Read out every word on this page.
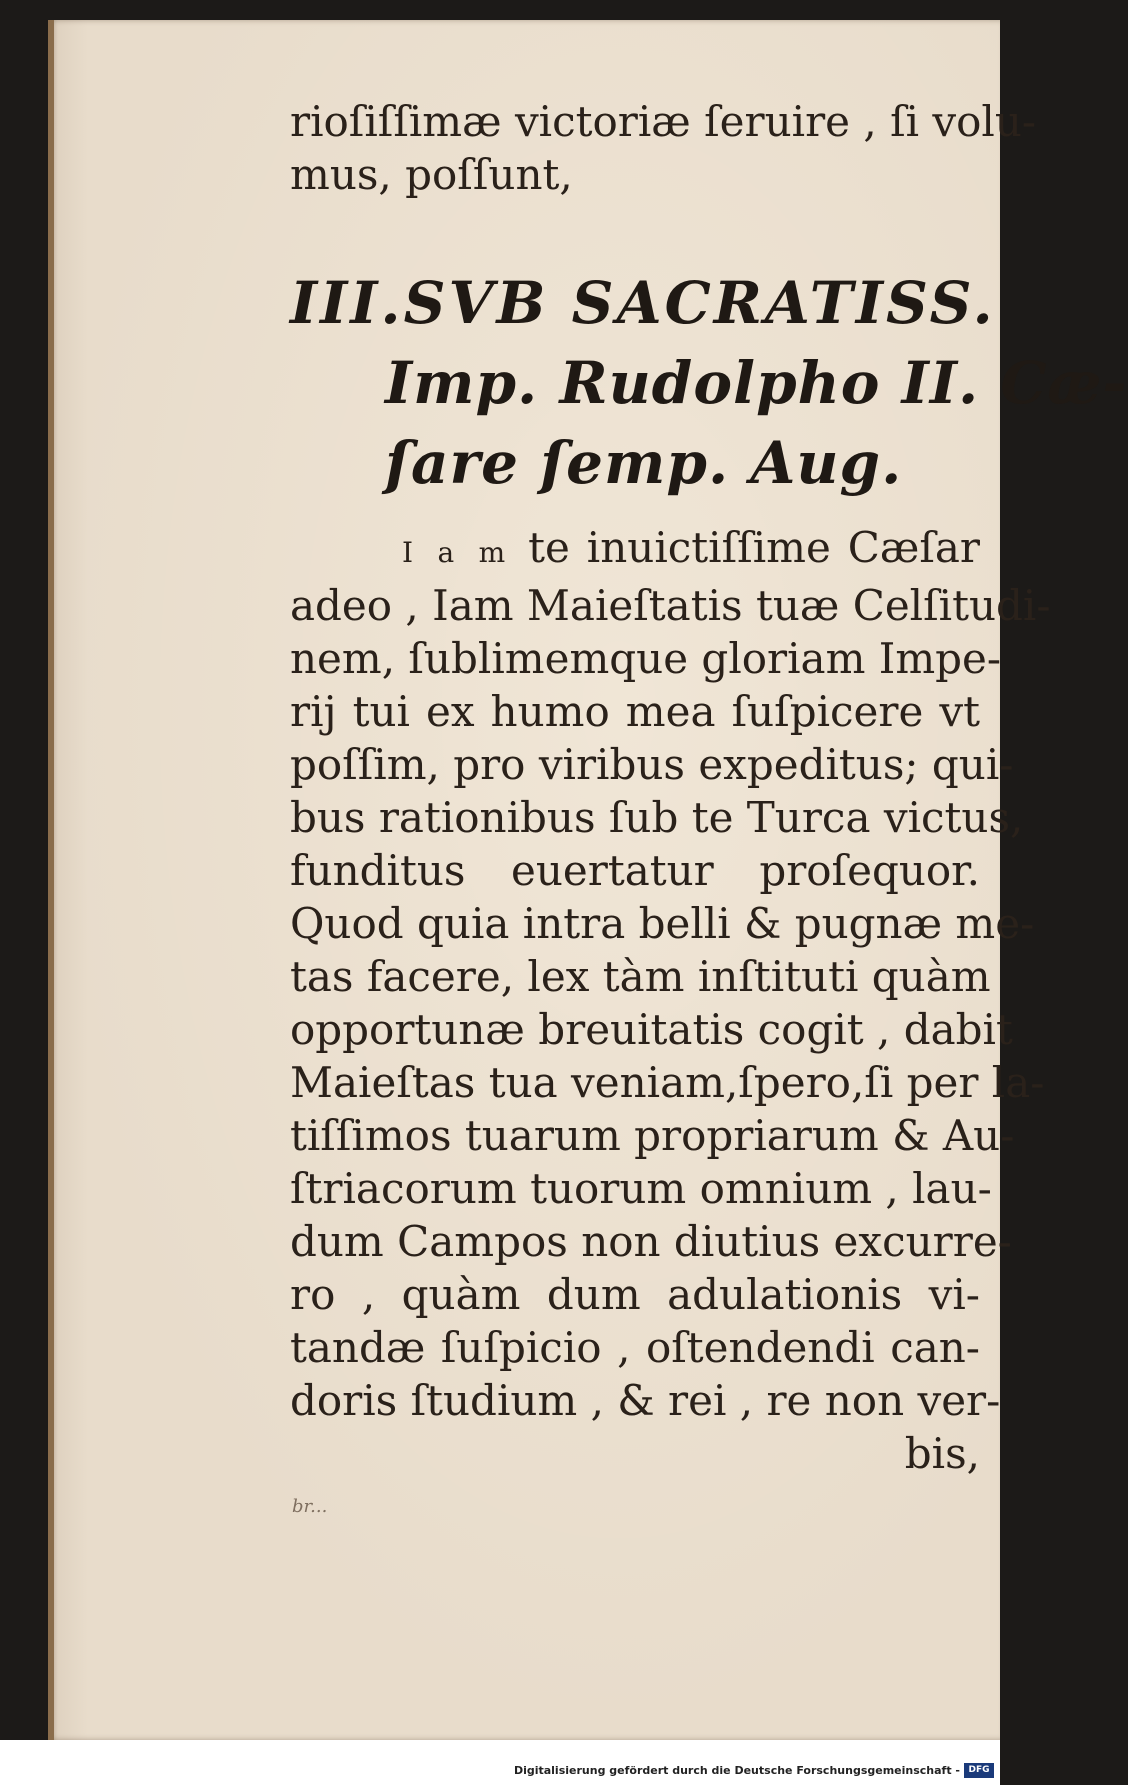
rioſiſſimæ victoriæ ſeruire , ſi volu-
mus, poſſunt,
III.SVB SACRATISS.
Imp. Rudolpho II. Cæ-
ſare ſemp. Aug.
I a m te inuictiſſime Cæſar
adeo , Iam Maieſtatis tuæ Celſitudi-
nem, ſublimemque gloriam Impe-
rij tui ex humo mea ſuſpicere vt
poſſim, pro viribus expeditus; qui-
bus rationibus ſub te Turca victus,
funditus euertatur proſequor.
Quod quia intra belli & pugnæ me-
tas facere, lex tàm inſtituti quàm
opportunæ breuitatis cogit , dabit
Maieſtas tua veniam,ſpero,ſi per la-
tiſſimos tuarum propriarum & Au-
ſtriacorum tuorum omnium , lau-
dum Campos non diutius excurre-
ro , quàm dum adulationis vi-
tandæ ſuſpicio , oſtendendi can-
doris ſtudium , & rei , re non ver-
bis,
br...
Digitalisierung gefördert durch die Deutsche Forschungsgemeinschaft - DFG
